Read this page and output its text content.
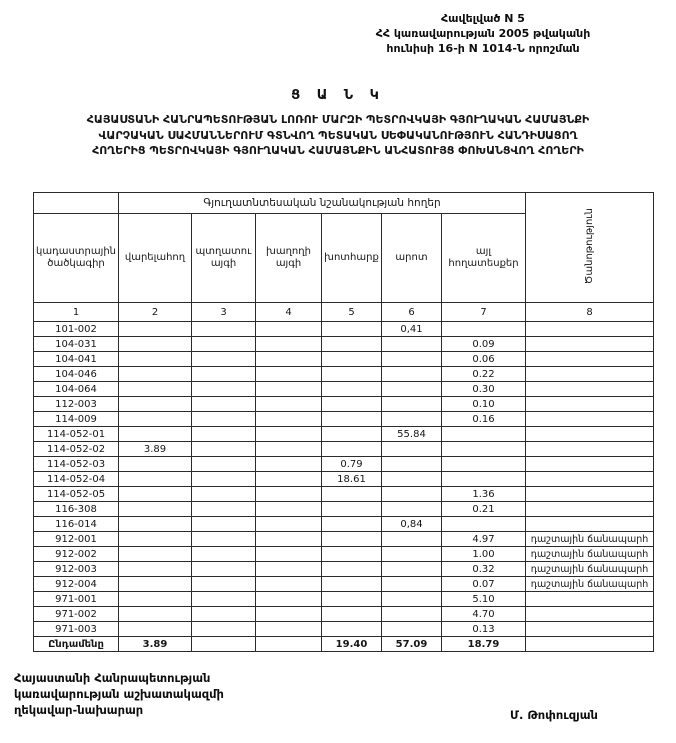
Հավելված N 5
ՀՀ կառավարության 2005 թվականի
հունիսի 16-ի N 1014-Ն որոշման
Ց Ա Ն Կ
ՀԱՅԱՍՏԱՆԻ ՀԱՆՐԱՊԵՏՈՒԹՅԱՆ ԼՈՌՈՒ ՄԱՐԶԻ ՊԵՏՐՈՎԿԱՅԻ ԳՅՈՒՂԱԿԱՆ ՀԱՄԱՅՆՔԻ
ՎԱՐՉԱԿԱՆ ՍԱՀՄԱՆՆԵՐՈՒՄ ԳՏՆՎՈՂ ՊԵՏԱԿԱՆ ՍԵՓԱԿԱՆՈՒԹՅՈՒՆ ՀԱՆԴԻՍԱՑՈՂ
ՀՈՂԵՐԻՑ ՊԵՏՐՈՎԿԱՅԻ ԳՅՈՒՂԱԿԱՆ ՀԱՄԱՅՆՔԻՆ ԱՆՀԱՏՈՒՅՑ ՓՈԽԱՆՑՎՈՂ ՀՈՂԵՐԻ
	Գյուղատնտեսական նշանակության հողեր						Ծանոթություն
կադաստրային ծածկագիր	վարելահող	պտղատու այգի	խաղողի այգի	խոտհարք	արոտ	այլ հողատեսքեր	
1	2	3	4	5	6	7	8
101-002					0,41		
104-031						0.09	
104-041						0.06	
104-046						0.22	
104-064						0.30	
112-003						0.10	
114-009						0.16	
114-052-01					55.84		
114-052-02	3.89						
114-052-03				0.79			
114-052-04				18.61			
114-052-05						1.36	
116-308						0.21	
116-014					0,84		
912-001						4.97	դաշտային ճանապարհ
912-002						1.00	դաշտային ճանապարհ
912-003						0.32	դաշտային ճանապարհ
912-004						0.07	դաշտային ճանապարհ
971-001						5.10	
971-002						4.70	
971-003						0.13	
Ընդամենը	3.89			19.40	57.09	18.79	
Հայաստանի Հանրապետության
կառավարության աշխատակազմի
ղեկավար-նախարար	Մ. Թոփուզյան
